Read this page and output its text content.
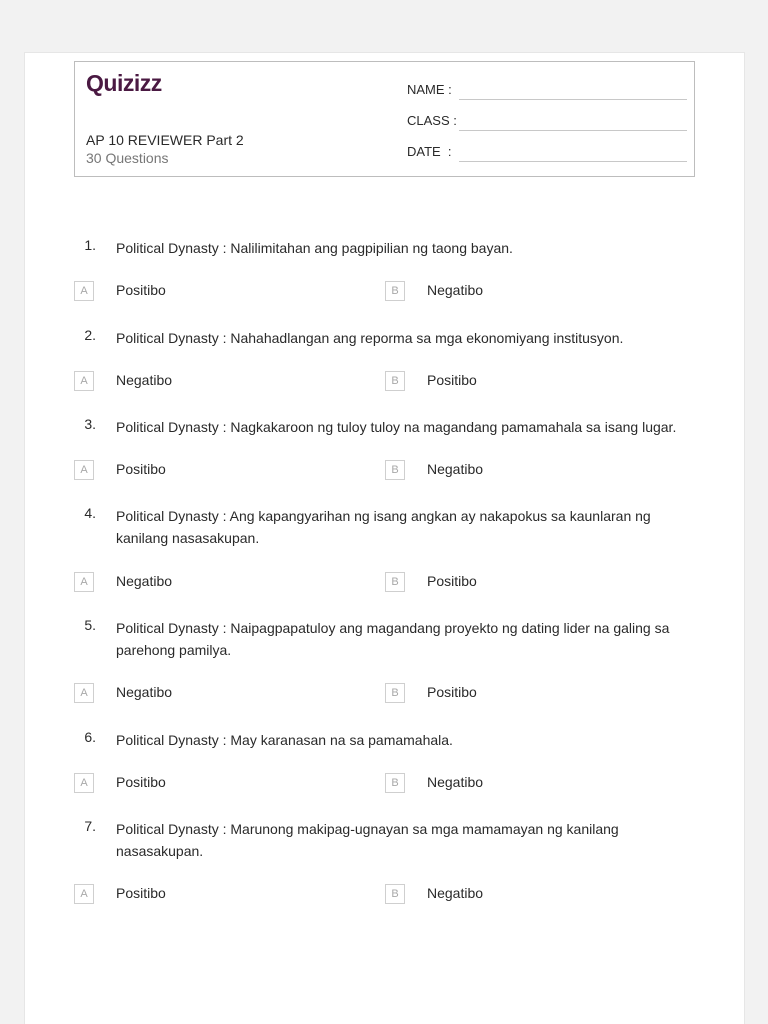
Quizizz
AP 10 REVIEWER Part 2
30 Questions
NAME :
CLASS :
DATE  :
1. Political Dynasty : Nalilimitahan ang pagpipilian ng taong bayan.
A	Positibo	B	Negatibo
2. Political Dynasty : Nahahadlangan ang reporma sa mga ekonomiyang institusyon.
A	Negatibo	B	Positibo
3. Political Dynasty : Nagkakaroon ng tuloy tuloy na magandang pamamahala sa isang lugar.
A	Positibo	B	Negatibo
4. Political Dynasty : Ang kapangyarihan ng isang angkan ay nakapokus sa kaunlaran ng kanilang nasasakupan.
A	Negatibo	B	Positibo
5. Political Dynasty : Naipagpapatuloy ang magandang proyekto ng dating lider na galing sa parehong pamilya.
A	Negatibo	B	Positibo
6. Political Dynasty : May karanasan na sa pamamahala.
A	Positibo	B	Negatibo
7. Political Dynasty : Marunong makipag-ugnayan sa mga mamamayan ng kanilang nasasakupan.
A	Positibo	B	Negatibo
